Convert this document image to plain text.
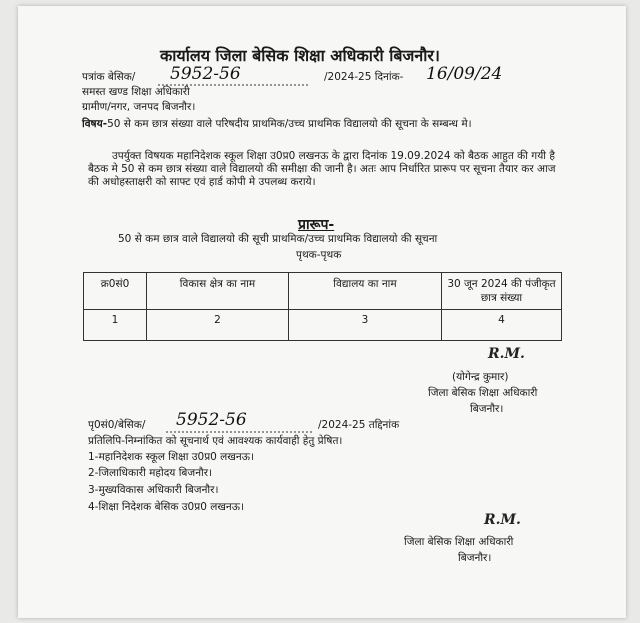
कार्यालय जिला बेसिक शिक्षा अधिकारी बिजनौर।
पत्रांक बेसिक/ 5952-56	/2024-25 दिनांक- 16/09/24
समस्त खण्ड शिक्षा अधिकारी
ग्रामीण/नगर, जनपद बिजनौर।
विषय-50 से कम छात्र संख्या वाले परिषदीय प्राथमिक/उच्च प्राथमिक विद्यालयो की सूचना के सम्बन्ध मे।
उपर्युक्त विषयक महानिदेशक स्कूल शिक्षा उ0प्र0 लखनऊ के द्वारा दिनांक 19.09.2024 को बैठक आहुत की गयी है बैठक मे 50 से कम छात्र संख्या वाले विद्यालयो की समीक्षा की जानी है। अतः आप निर्धारित प्रारूप पर सूचना तैयार कर आज की अधोहस्ताक्षरी को साफ्ट एवं हार्ड कोपी मे उपलब्ध कराये।
प्रारूप-
50 से कम छात्र वाले विद्यालयो की सूची प्राथमिक/उच्च प्राथमिक विद्यालयो की सूचना
पृथक-पृथक
क्र0सं0	विकास क्षेत्र का नाम	विद्यालय का नाम	30 जून 2024 की पंजीकृत छात्र संख्या
1	2	3	4
R.M.
(योगेन्द्र कुमार)
जिला बेसिक शिक्षा अधिकारी
बिजनौर।
पृ0सं0/बेसिक/ 5952-56	/2024-25 तद्दिनांक
प्रतिलिपि-निम्नांकित को सूचनार्थ एवं आवश्यक कार्यवाही हेतु प्रेषित।
1-महानिदेशक स्कूल शिक्षा उ0प्र0 लखनऊ।
2-जिलाधिकारी महोदय बिजनौर।
3-मुख्यविकास अधिकारी बिजनौर।
4-शिक्षा निदेशक बेसिक उ0प्र0 लखनऊ।
R.M.
जिला बेसिक शिक्षा अधिकारी
बिजनौर।
